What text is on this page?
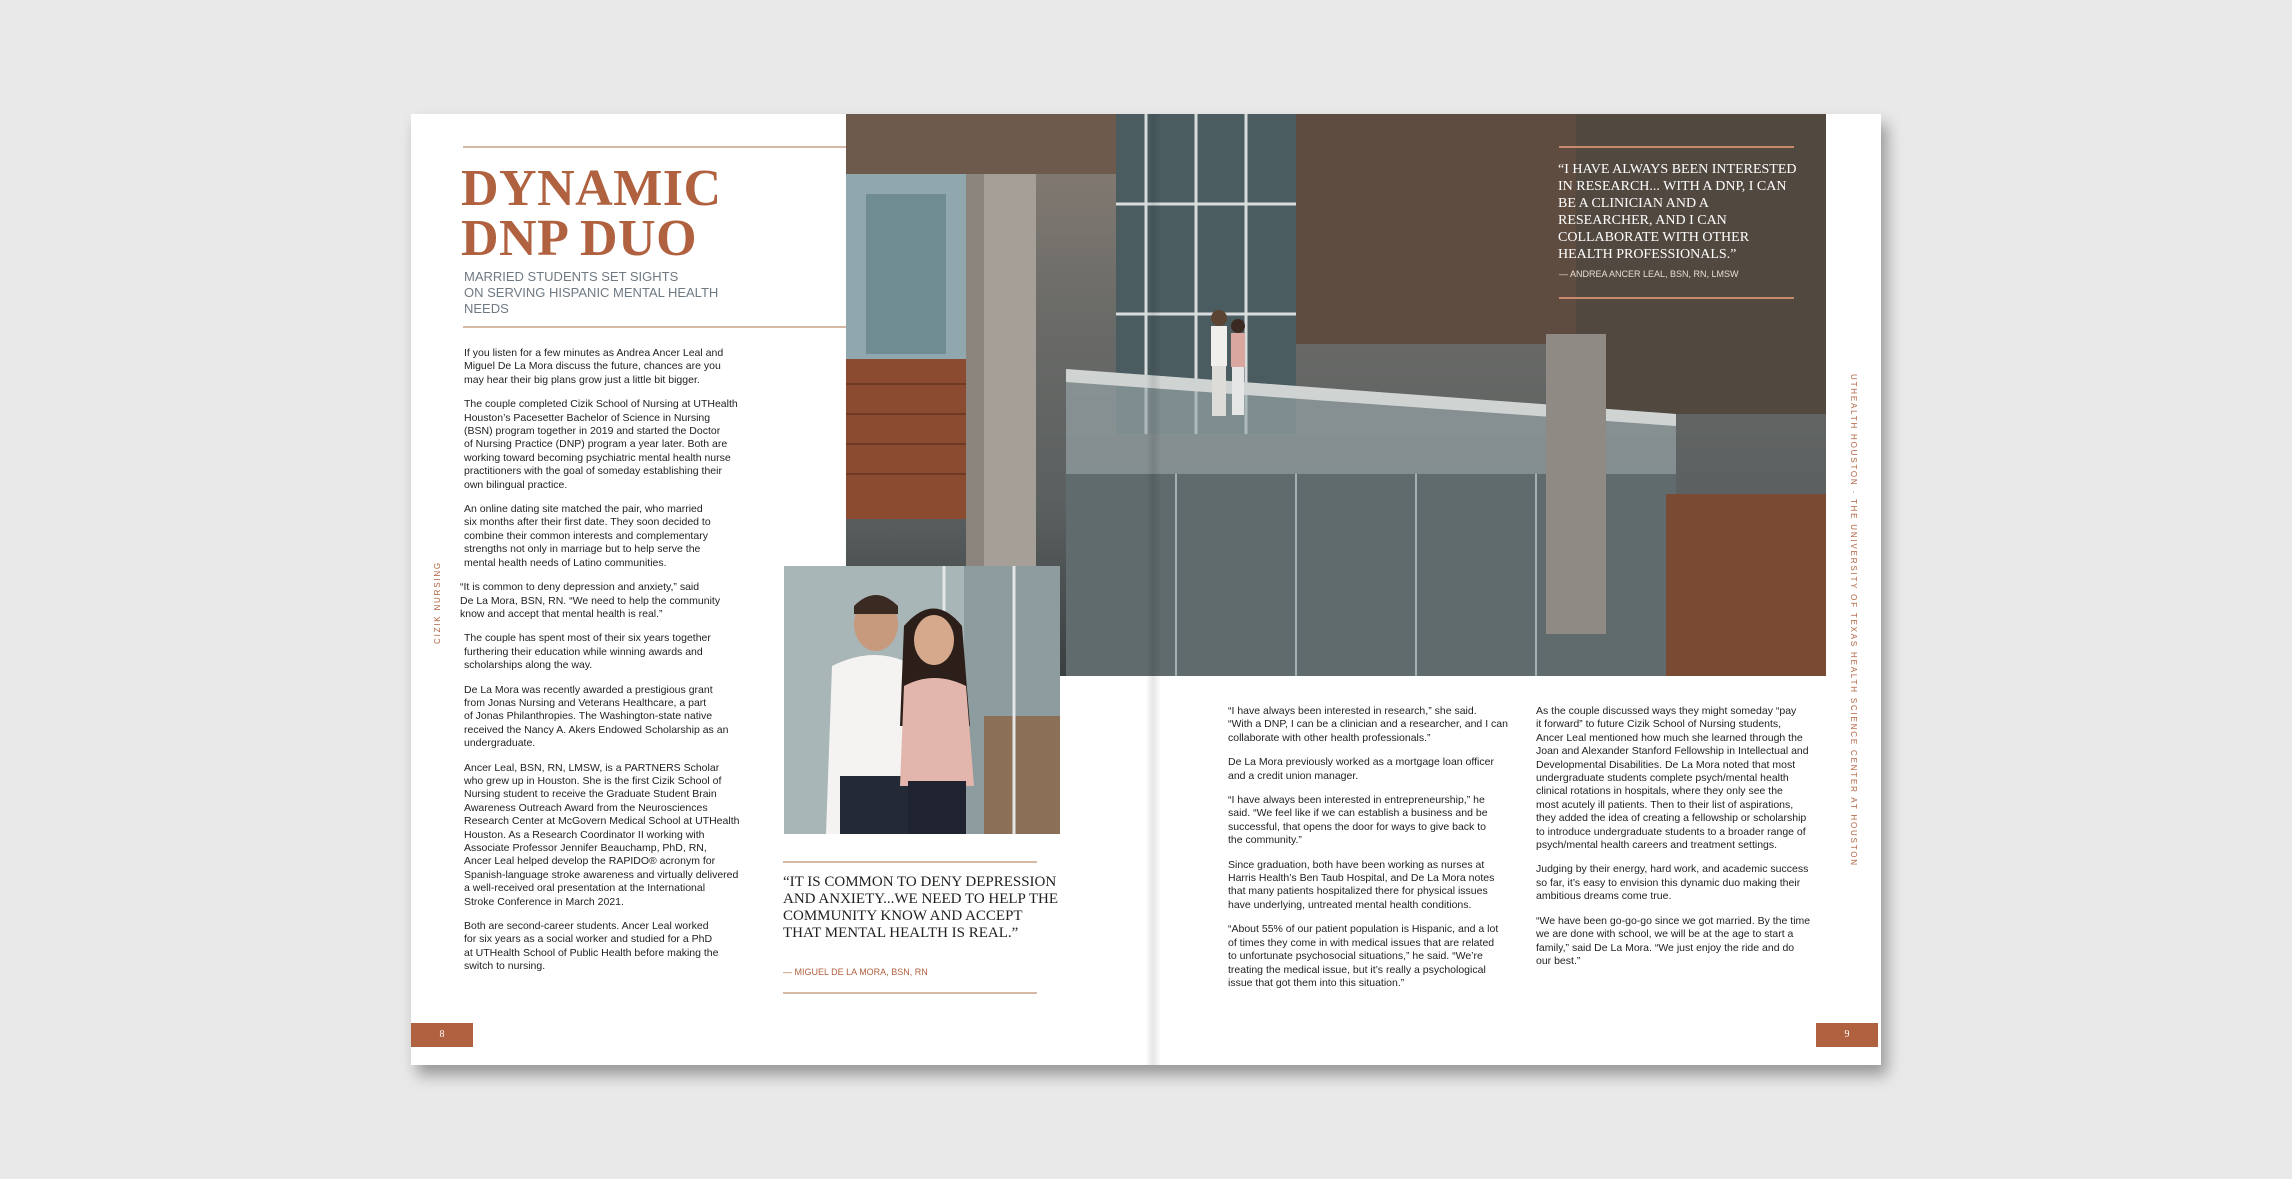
“I HAVE ALWAYS BEEN INTERESTED IN RESEARCH... WITH A DNP, I CAN BE A CLINICIAN AND A RESEARCHER, AND I CAN COLLABORATE WITH OTHER HEALTH PROFESSIONALS.”
— ANDREA ANCER LEAL, BSN, RN, LMSW
DYNAMIC
DNP DUO
MARRIED STUDENTS SET SIGHTS
ON SERVING HISPANIC MENTAL HEALTH NEEDS

If you listen for a few minutes as Andrea Ancer Leal and
Miguel De La Mora discuss the future, chances are you
may hear their big plans grow just a little bit bigger.

The couple completed Cizik School of Nursing at UTHealth
Houston’s Pacesetter Bachelor of Science in Nursing
(BSN) program together in 2019 and started the Doctor
of Nursing Practice (DNP) program a year later. Both are
working toward becoming psychiatric mental health nurse
practitioners with the goal of someday establishing their
own bilingual practice.

An online dating site matched the pair, who married
six months after their first date. They soon decided to
combine their common interests and complementary
strengths not only in marriage but to help serve the
mental health needs of Latino communities.

“It is common to deny depression and anxiety,” said
De La Mora, BSN, RN. “We need to help the community
know and accept that mental health is real.”

The couple has spent most of their six years together
furthering their education while winning awards and
scholarships along the way.

De La Mora was recently awarded a prestigious grant
from Jonas Nursing and Veterans Healthcare, a part
of Jonas Philanthropies. The Washington-state native
received the Nancy A. Akers Endowed Scholarship as an
undergraduate.

Ancer Leal, BSN, RN, LMSW, is a PARTNERS Scholar
who grew up in Houston. She is the first Cizik School of
Nursing student to receive the Graduate Student Brain
Awareness Outreach Award from the Neurosciences
Research Center at McGovern Medical School at UTHealth
Houston. As a Research Coordinator II working with
Associate Professor Jennifer Beauchamp, PhD, RN,
Ancer Leal helped develop the RAPIDO® acronym for
Spanish-language stroke awareness and virtually delivered
a well-received oral presentation at the International
Stroke Conference in March 2021.

Both are second-career students. Ancer Leal worked
for six years as a social worker and studied for a PhD
at UTHealth School of Public Health before making the
switch to nursing.

“IT IS COMMON TO DENY DEPRESSION AND ANXIETY...WE NEED TO HELP THE COMMUNITY KNOW AND ACCEPT THAT MENTAL HEALTH IS REAL.”
— MIGUEL DE LA MORA, BSN, RN

“I have always been interested in research,” she said.
“With a DNP, I can be a clinician and a researcher, and I can
collaborate with other health professionals.”

De La Mora previously worked as a mortgage loan officer
and a credit union manager.

“I have always been interested in entrepreneurship,” he
said. “We feel like if we can establish a business and be
successful, that opens the door for ways to give back to
the community.”

Since graduation, both have been working as nurses at
Harris Health’s Ben Taub Hospital, and De La Mora notes
that many patients hospitalized there for physical issues
have underlying, untreated mental health conditions.

“About 55% of our patient population is Hispanic, and a lot
of times they come in with medical issues that are related
to unfortunate psychosocial situations,” he said. “We’re
treating the medical issue, but it’s really a psychological
issue that got them into this situation.”

As the couple discussed ways they might someday “pay
it forward” to future Cizik School of Nursing students,
Ancer Leal mentioned how much she learned through the
Joan and Alexander Stanford Fellowship in Intellectual and
Developmental Disabilities. De La Mora noted that most
undergraduate students complete psych/mental health
clinical rotations in hospitals, where they only see the
most acutely ill patients. Then to their list of aspirations,
they added the idea of creating a fellowship or scholarship
to introduce undergraduate students to a broader range of
psych/mental health careers and treatment settings.

Judging by their energy, hard work, and academic success
so far, it’s easy to envision this dynamic duo making their
ambitious dreams come true.

“We have been go-go-go since we got married. By the time
we are done with school, we will be at the age to start a
family,” said De La Mora. “We just enjoy the ride and do
our best.”

CIZIK NURSING	UTHEALTH HOUSTON · THE UNIVERSITY OF TEXAS HEALTH SCIENCE CENTER AT HOUSTON
8	9
